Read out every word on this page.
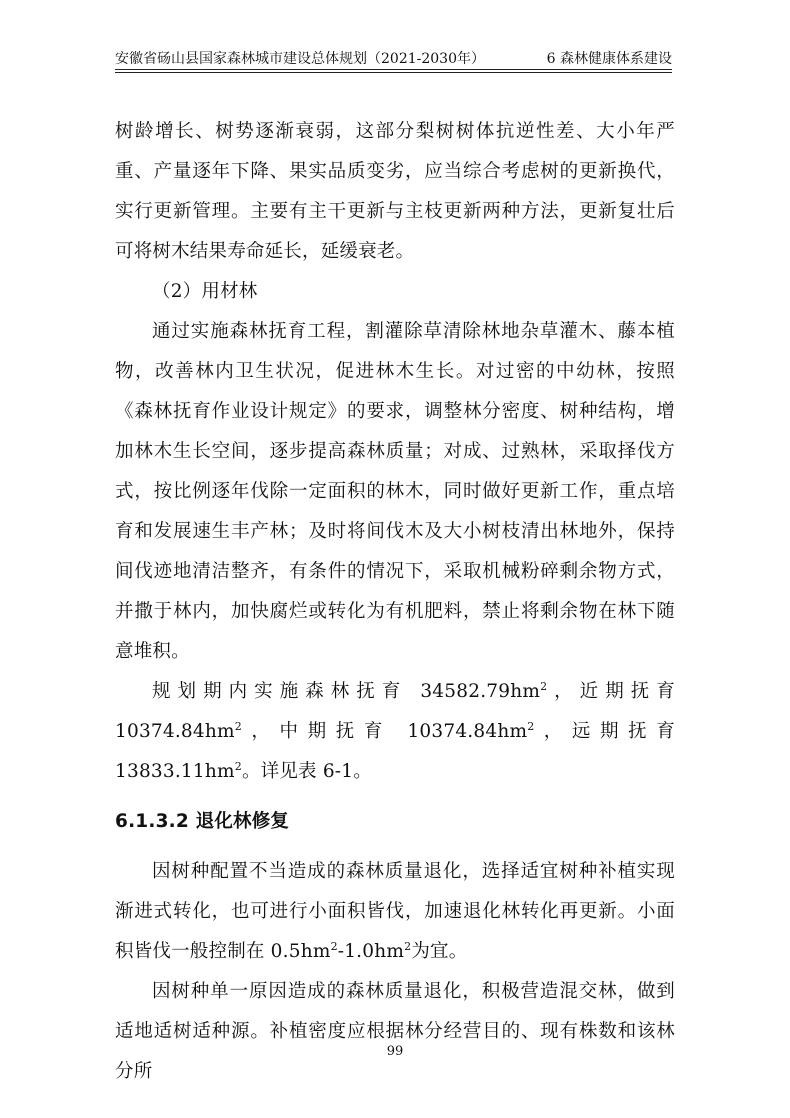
安徽省砀山县国家森林城市建设总体规划（2021-2030年）	6 森林健康体系建设

树龄增长、树势逐渐衰弱，这部分梨树树体抗逆性差、大小年严重、产量逐年下降、果实品质变劣，应当综合考虑树的更新换代，实行更新管理。主要有主干更新与主枝更新两种方法，更新复壮后可将树木结果寿命延长，延缓衰老。

（2）用材林

通过实施森林抚育工程，割灌除草清除林地杂草灌木、藤本植物，改善林内卫生状况，促进林木生长。对过密的中幼林，按照《森林抚育作业设计规定》的要求，调整林分密度、树种结构，增加林木生长空间，逐步提高森林质量；对成、过熟林，采取择伐方式，按比例逐年伐除一定面积的林木，同时做好更新工作，重点培育和发展速生丰产林；及时将间伐木及大小树枝清出林地外，保持间伐迹地清洁整齐，有条件的情况下，采取机械粉碎剩余物方式，并撒于林内，加快腐烂或转化为有机肥料，禁止将剩余物在林下随意堆积。

规划期内实施森林抚育 $34582.79hm^2$，近期抚育 $10374.84hm^2$，中期抚育 $10374.84hm^2$，远期抚育 $13833.11hm^2$。详见表 6-1。

6.1.3.2 退化林修复

因树种配置不当造成的森林质量退化，选择适宜树种补植实现渐进式转化，也可进行小面积皆伐，加速退化林转化再更新。小面积皆伐一般控制在 $0.5hm^2-1.0hm^2$为宜。

因树种单一原因造成的森林质量退化，积极营造混交林，做到适地适树适种源。补植密度应根据林分经营目的、现有株数和该林分所

99
